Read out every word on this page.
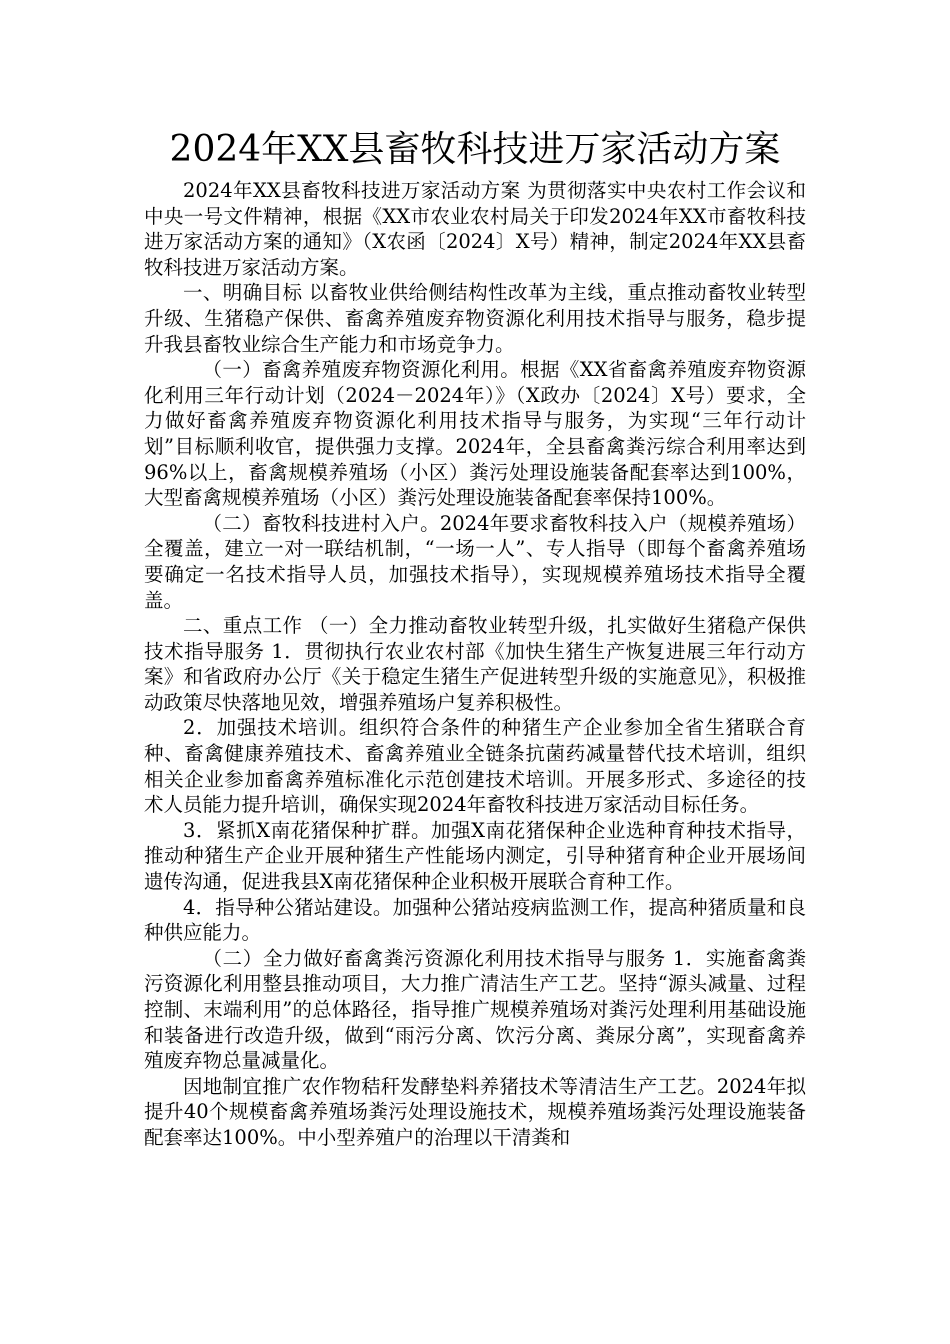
2024年XX县畜牧科技进万家活动方案

2024年XX县畜牧科技进万家活动方案 为贯彻落实中央农村工作会议和中央一号文件精神，根据《XX市农业农村局关于印发2024年XX市畜牧科技进万家活动方案的通知》（X农函〔2024〕X号）精神，制定2024年XX县畜牧科技进万家活动方案。

一、明确目标 以畜牧业供给侧结构性改革为主线，重点推动畜牧业转型升级、生猪稳产保供、畜禽养殖废弃物资源化利用技术指导与服务，稳步提升我县畜牧业综合生产能力和市场竞争力。

（一）畜禽养殖废弃物资源化利用。根据《XX省畜禽养殖废弃物资源化利用三年行动计划（2024－2024年）》（X政办〔2024〕X号）要求，全力做好畜禽养殖废弃物资源化利用技术指导与服务，为实现“三年行动计划”目标顺利收官，提供强力支撑。2024年，全县畜禽粪污综合利用率达到96%以上，畜禽规模养殖场（小区）粪污处理设施装备配套率达到100%，大型畜禽规模养殖场（小区）粪污处理设施装备配套率保持100%。

（二）畜牧科技进村入户。2024年要求畜牧科技入户（规模养殖场）全覆盖，建立一对一联结机制，“一场一人”、专人指导（即每个畜禽养殖场要确定一名技术指导人员，加强技术指导），实现规模养殖场技术指导全覆盖。

二、重点工作 （一）全力推动畜牧业转型升级，扎实做好生猪稳产保供技术指导服务 1．贯彻执行农业农村部《加快生猪生产恢复进展三年行动方案》和省政府办公厅《关于稳定生猪生产促进转型升级的实施意见》，积极推动政策尽快落地见效，增强养殖场户复养积极性。

2．加强技术培训。组织符合条件的种猪生产企业参加全省生猪联合育种、畜禽健康养殖技术、畜禽养殖业全链条抗菌药减量替代技术培训，组织相关企业参加畜禽养殖标准化示范创建技术培训。开展多形式、多途径的技术人员能力提升培训，确保实现2024年畜牧科技进万家活动目标任务。

3．紧抓X南花猪保种扩群。加强X南花猪保种企业选种育种技术指导，推动种猪生产企业开展种猪生产性能场内测定，引导种猪育种企业开展场间遗传沟通，促进我县X南花猪保种企业积极开展联合育种工作。

4．指导种公猪站建设。加强种公猪站疫病监测工作，提高种猪质量和良种供应能力。

（二）全力做好畜禽粪污资源化利用技术指导与服务 1．实施畜禽粪污资源化利用整县推动项目，大力推广清洁生产工艺。坚持“源头减量、过程控制、末端利用”的总体路径，指导推广规模养殖场对粪污处理利用基础设施和装备进行改造升级，做到“雨污分离、饮污分离、粪尿分离”，实现畜禽养殖废弃物总量减量化。

因地制宜推广农作物秸秆发酵垫料养猪技术等清洁生产工艺。2024年拟提升40个规模畜禽养殖场粪污处理设施技术，规模养殖场粪污处理设施装备配套率达100%。中小型养殖户的治理以干清粪和
